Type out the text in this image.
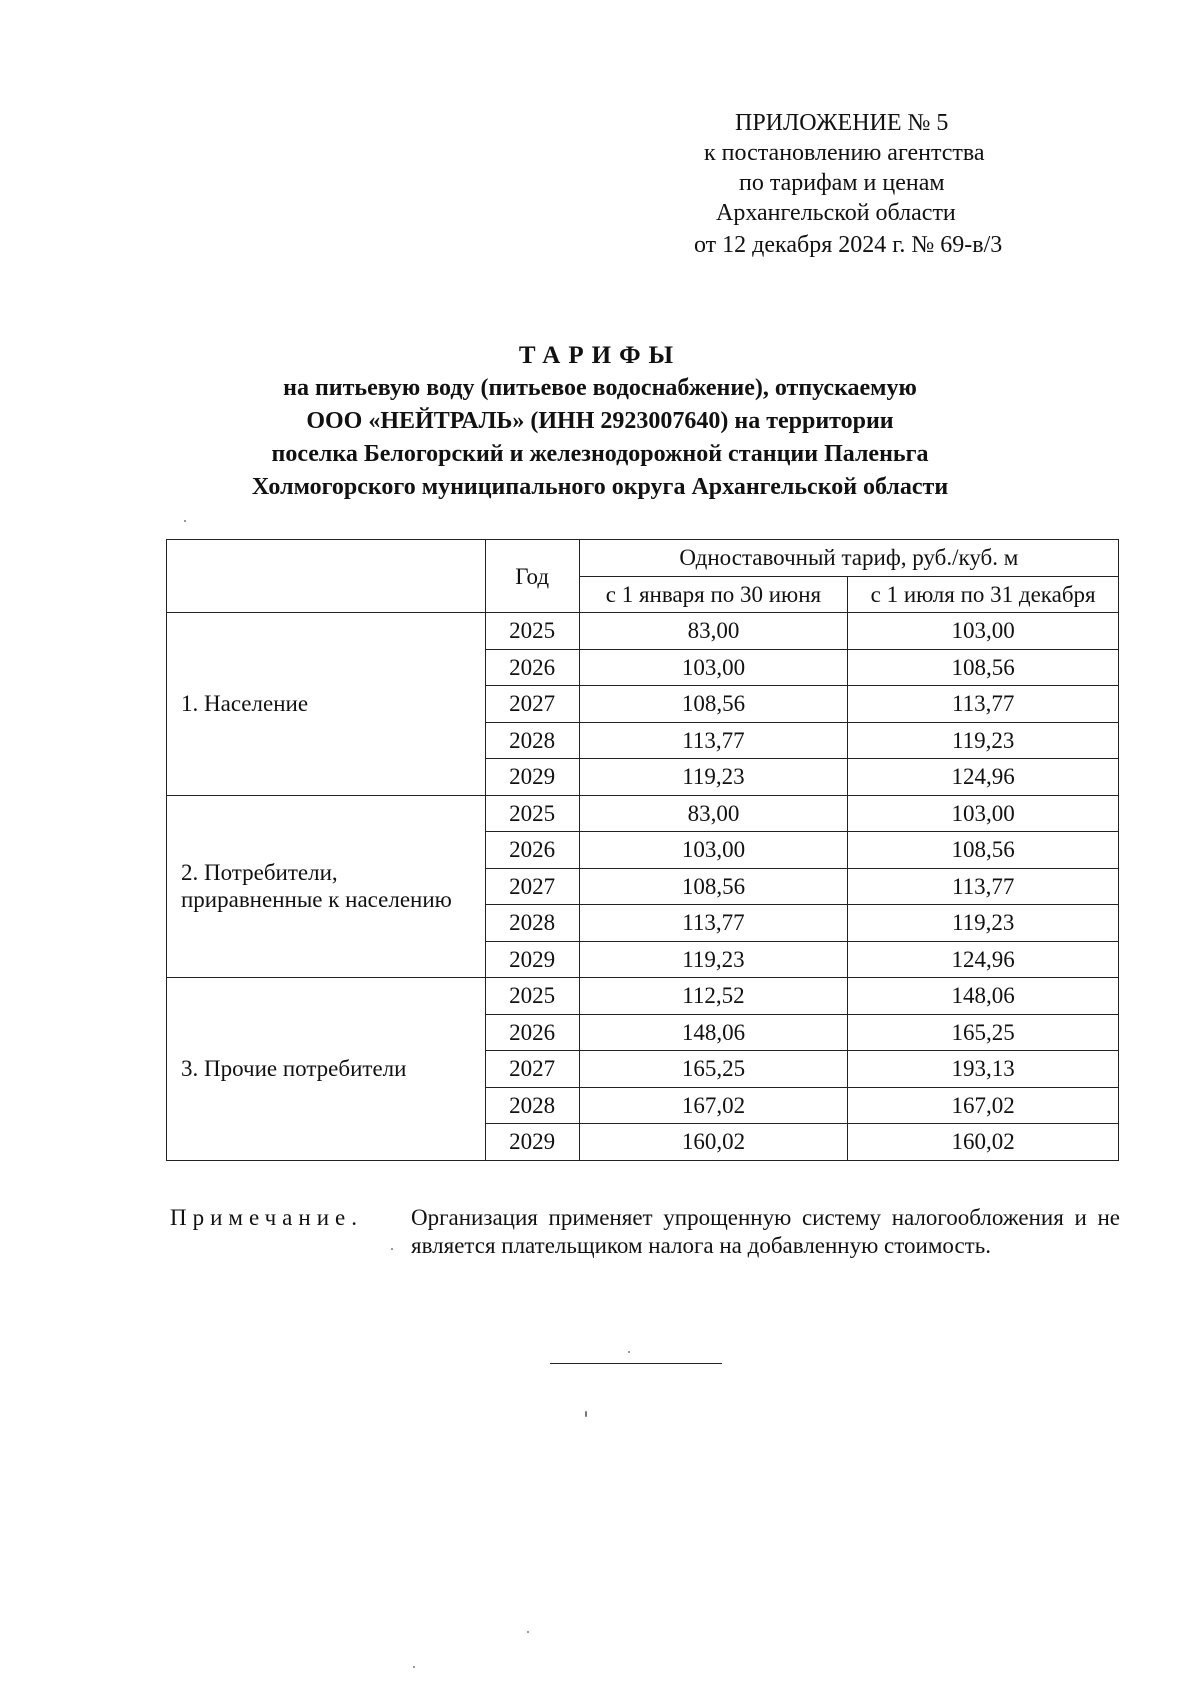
ПРИЛОЖЕНИЕ № 5
к постановлению агентства
по тарифам и ценам
Архангельской области
от 12 декабря 2024 г. № 69-в/3
ТАРИФЫ
на питьевую воду (питьевое водоснабжение), отпускаемую
ООО «НЕЙТРАЛЬ» (ИНН 2923007640) на территории
поселка Белогорский и железнодорожной станции Паленьга
Холмогорского муниципального округа Архангельской области
	Год	Одноставочный тариф, руб./куб. м	
		с 1 января по 30 июня	с 1 июля по 31 декабря
1. Население	2025	83,00	103,00
	2026	103,00	108,56
	2027	108,56	113,77
	2028	113,77	119,23
	2029	119,23	124,96
2. Потребители, приравненные к населению	2025	83,00	103,00
	2026	103,00	108,56
	2027	108,56	113,77
	2028	113,77	119,23
	2029	119,23	124,96
3. Прочие потребители	2025	112,52	148,06
	2026	148,06	165,25
	2027	165,25	193,13
	2028	167,02	167,02
	2029	160,02	160,02
Примечание. Организация применяет упрощенную систему налогообложения и не является плательщиком налога на добавленную стоимость.
